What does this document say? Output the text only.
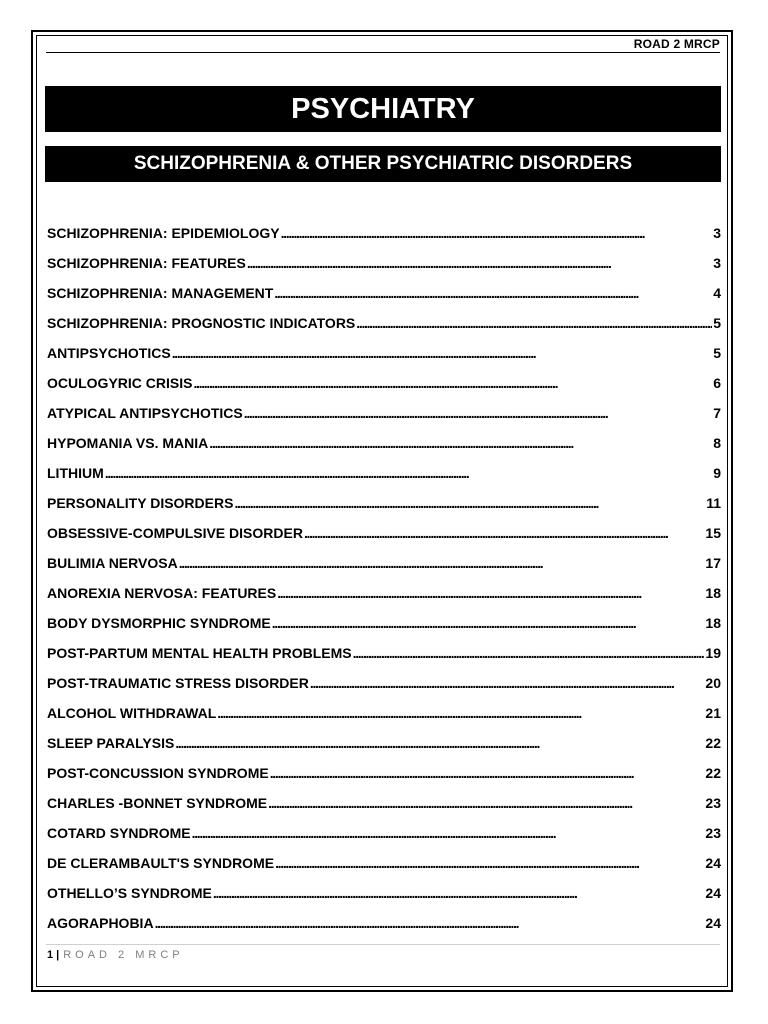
ROAD 2 MRCP
PSYCHIATRY
SCHIZOPHRENIA & OTHER PSYCHIATRIC DISORDERS
SCHIZOPHRENIA: EPIDEMIOLOGY . . .	3
SCHIZOPHRENIA: FEATURES . . .	3
SCHIZOPHRENIA: MANAGEMENT . . .	4
SCHIZOPHRENIA: PROGNOSTIC INDICATORS . . .	5
ANTIPSYCHOTICS . . .	5
OCULOGYRIC CRISIS . . .	6
ATYPICAL ANTIPSYCHOTICS . . .	7
HYPOMANIA VS. MANIA . . .	8
LITHIUM . . .	9
PERSONALITY DISORDERS . . .	11
OBSESSIVE-COMPULSIVE DISORDER . . .	15
BULIMIA NERVOSA . . .	17
ANOREXIA NERVOSA: FEATURES . . .	18
BODY DYSMORPHIC SYNDROME . . .	18
POST-PARTUM MENTAL HEALTH PROBLEMS . . .	19
POST-TRAUMATIC STRESS DISORDER . . .	20
ALCOHOL WITHDRAWAL . . .	21
SLEEP PARALYSIS . . .	22
POST-CONCUSSION SYNDROME . . .	22
CHARLES -BONNET SYNDROME . . .	23
COTARD SYNDROME . . .	23
DE CLERAMBAULT'S SYNDROME . . .	24
OTHELLO’S SYNDROME . . .	24
AGORAPHOBIA . . .	24
1 | ROAD 2 MRCP
